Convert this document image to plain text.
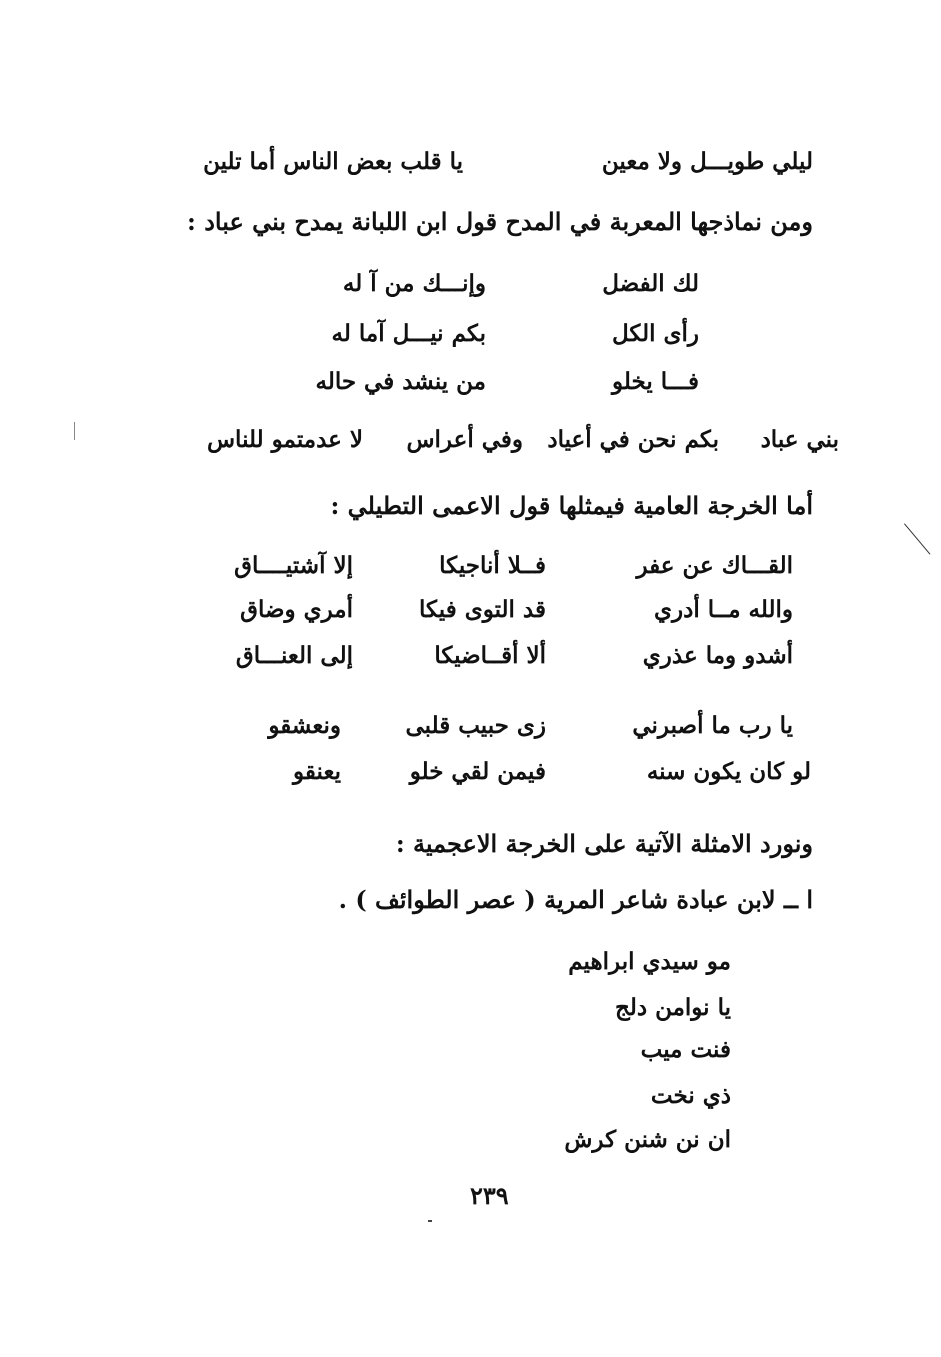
ليلي طويـــل ولا معين
يا قلب بعض الناس أما تلين
ومن نماذجها المعربة في المدح قول ابن اللبانة يمدح بني عباد :
لك الفضل
وإنـــك من آ له
رأى الكل
بكم نيـــل آما له
فـــا يخلو
من ينشد في حاله
بني عباد
بكم نحن في أعياد
وفي أعراس
لا عدمتمو للناس
أما الخرجة العامية فيمثلها قول الاعمى التطيلي :
القـــاك عن عفر
فــلا أناجيكا
إلا آشتيــــاق
والله مــا أدري
قد التوى فيكا
أمري وضاق
أشدو وما عذري
ألا أقــاضيكا
إلى العنـــاق
يا رب ما أصبرني
زى حبيب قلبى
ونعشقو
لو كان يكون سنه
فيمن لقي خلو
يعنقو
ونورد الامثلة الآتية على الخرجة الاعجمية :
ا ــ لابن عبادة شاعر المرية ( عصر الطوائف ) .
مو سيدي ابراهيم
يا نوامن دلج
فنت ميب
ذي نخت
ان نن شنن كرش
٢٣٩
